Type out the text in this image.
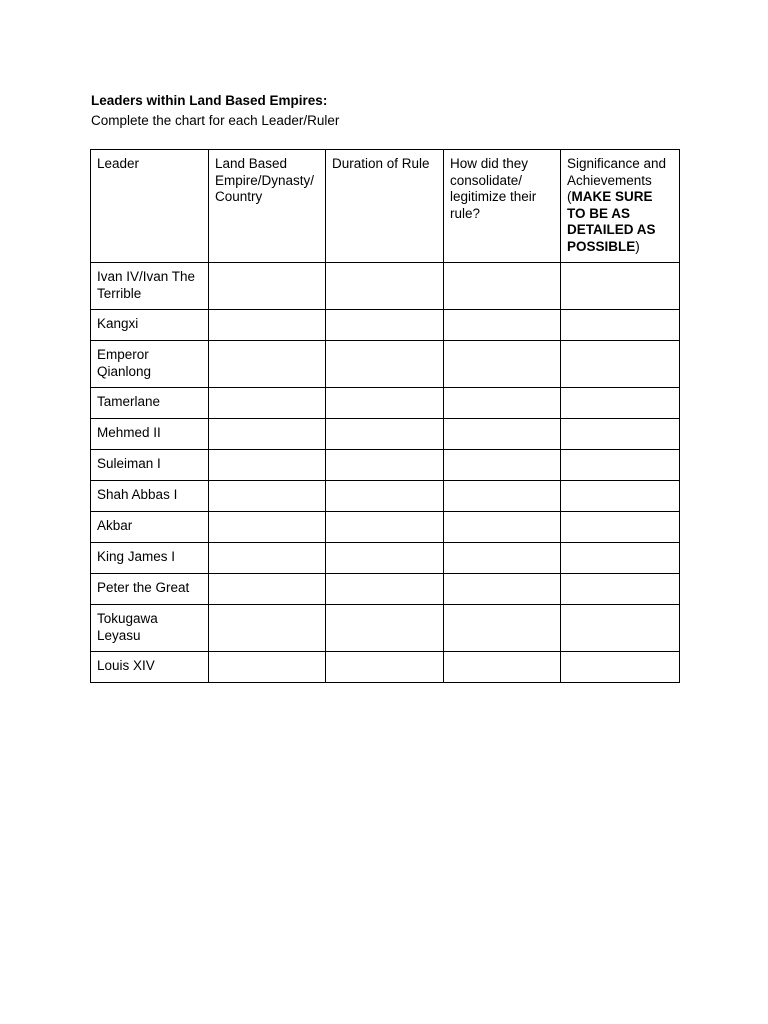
Leaders within Land Based Empires:
Complete the chart for each Leader/Ruler
Leader	Land Based Empire/Dynasty/ Country	Duration of Rule	How did they consolidate/ legitimize their rule?	Significance and Achievements (MAKE SURE TO BE AS DETAILED AS POSSIBLE)
Ivan IV/Ivan The Terrible				
Kangxi				
Emperor Qianlong				
Tamerlane				
Mehmed II				
Suleiman I				
Shah Abbas I				
Akbar				
King James I				
Peter the Great				
Tokugawa Leyasu				
Louis XIV				
